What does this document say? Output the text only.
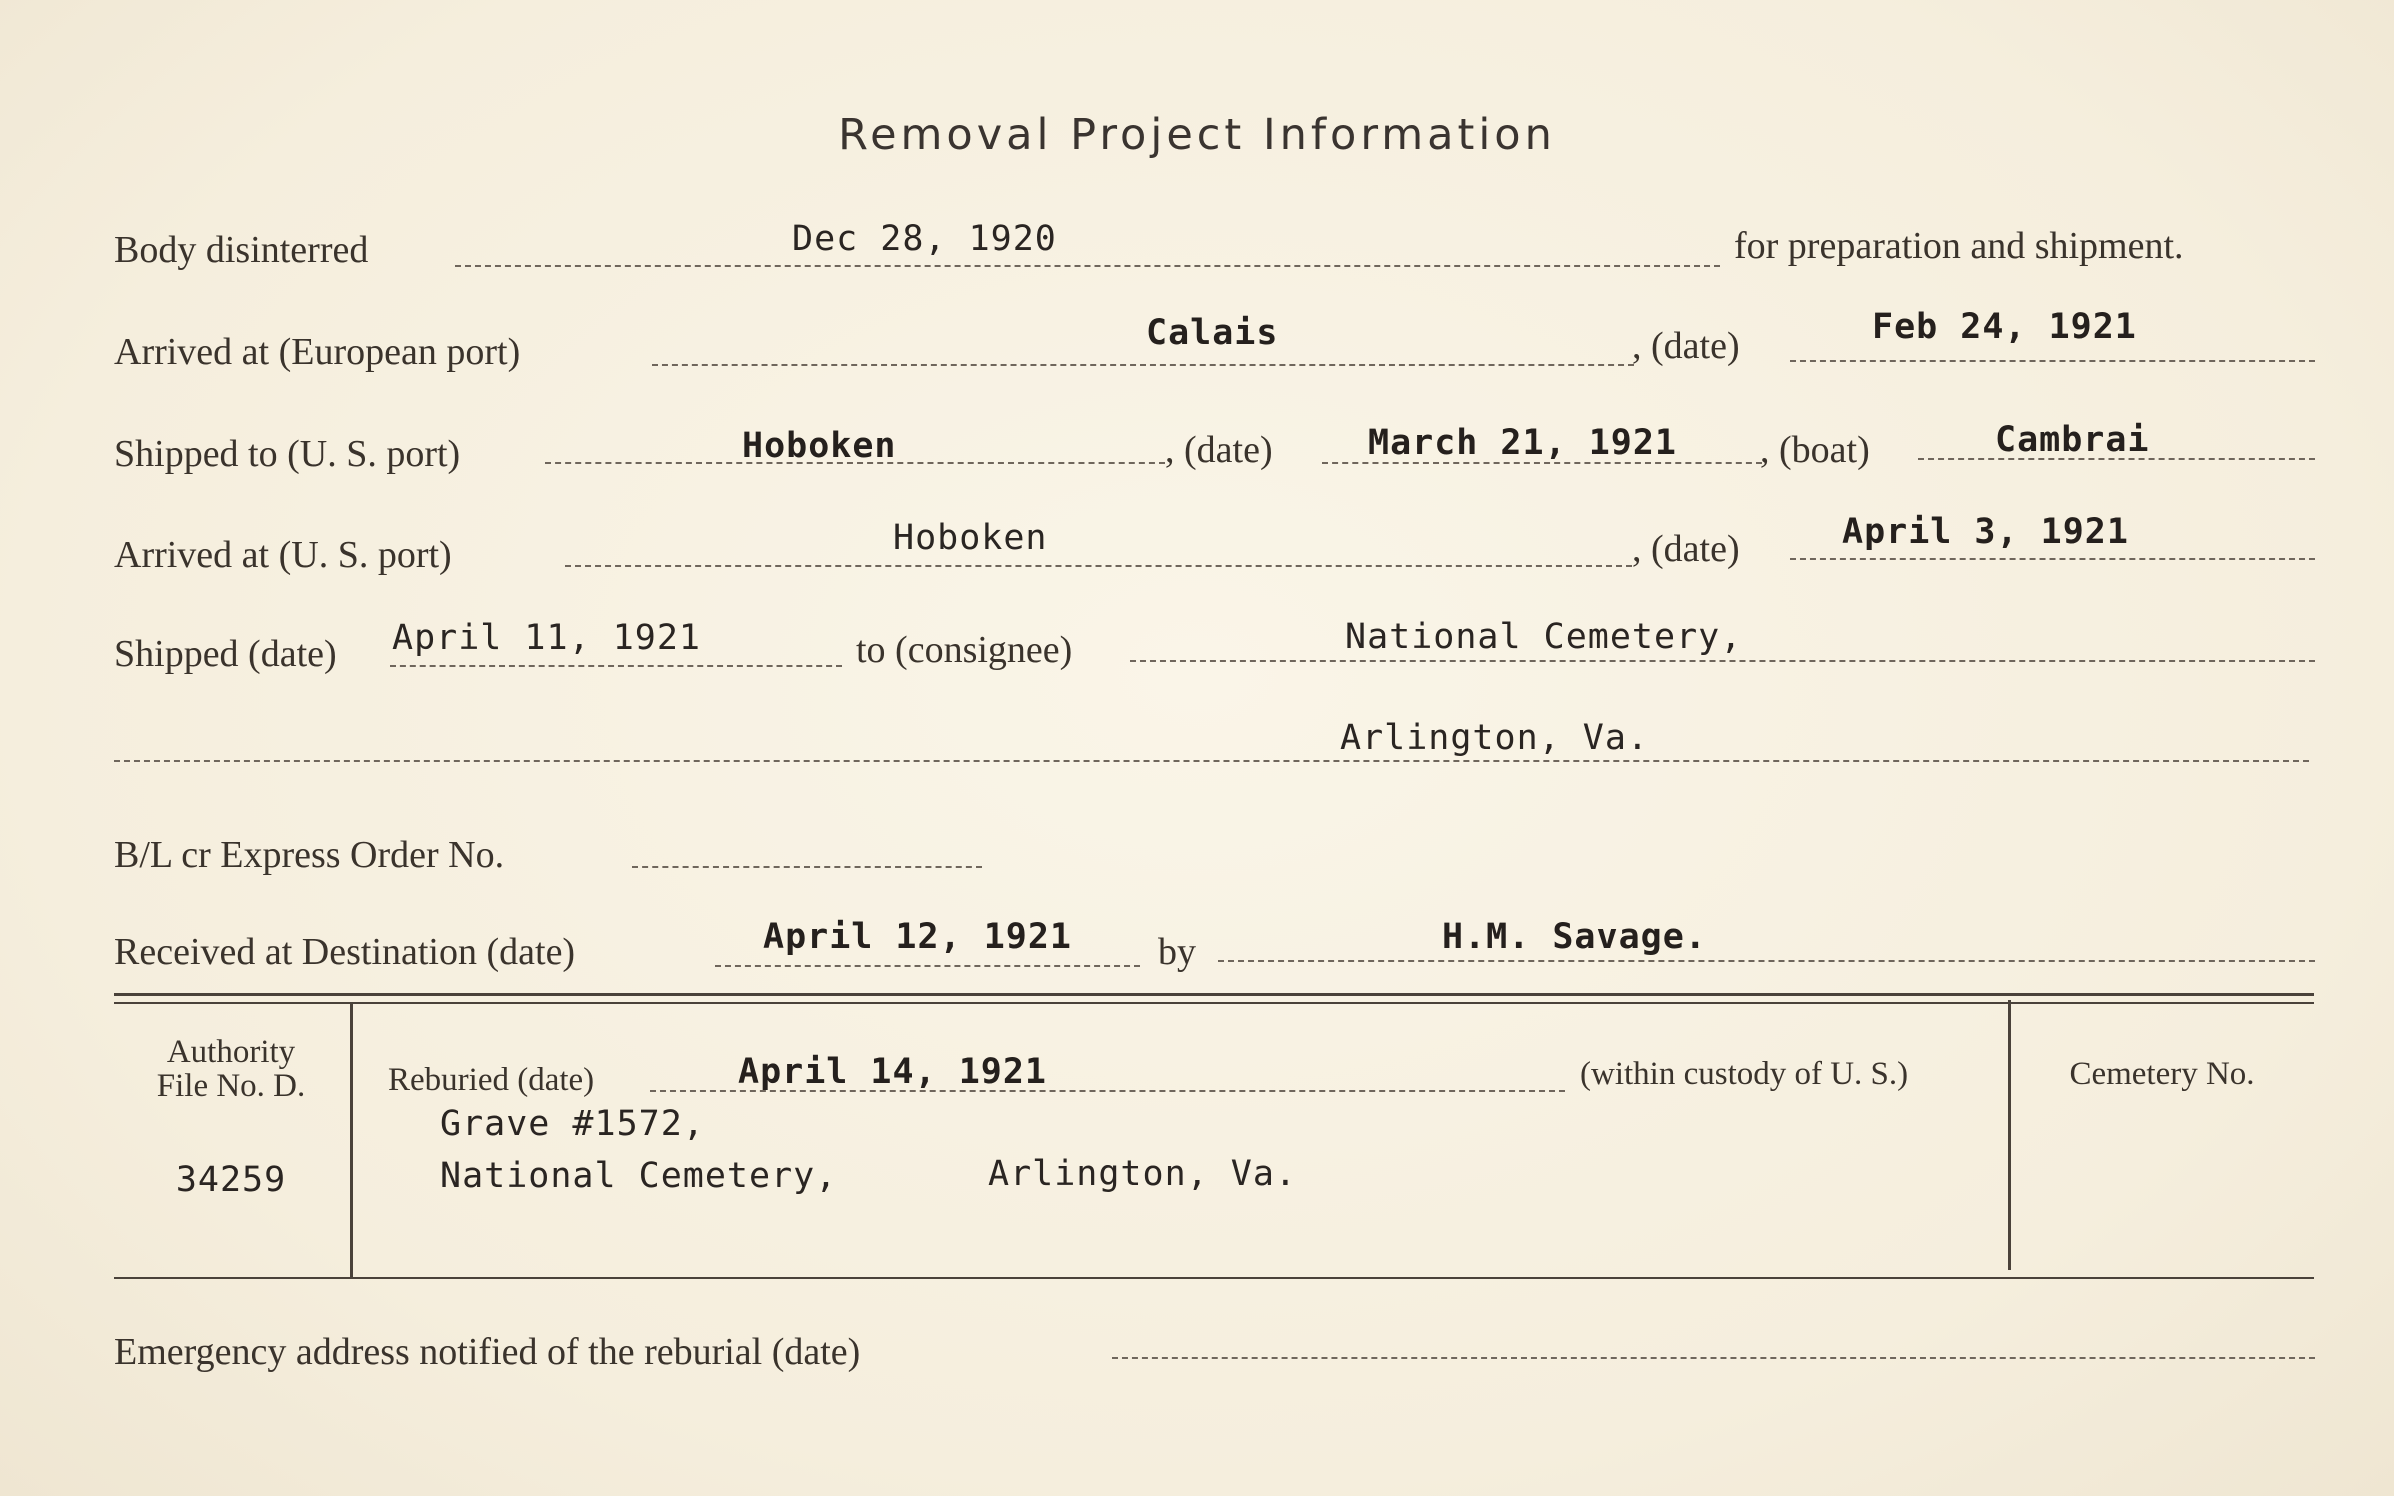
Removal Project Information
Body disinterred	Dec 28, 1920	for preparation and shipment.
Arrived at (European port)	Calais	, (date)	Feb 24, 1921
Shipped to (U. S. port)	Hoboken	, (date)	March 21, 1921 , (boat)	Cambrai
Arrived at (U. S. port)	Hoboken	, (date)	April 3, 1921
Shipped (date) April 11, 1921	to (consignee)	National Cemetery,
Arlington, Va.
B/L cr Express Order No.
Received at Destination (date)	April 12, 1921 by	H.M. Savage.
Authority
File No. D.
34259
Reburied (date)	April 14, 1921	(within custody of U. S.)
Grave #1572,
National Cemetery,	Arlington, Va.
Cemetery No.
Emergency address notified of the reburial (date)
